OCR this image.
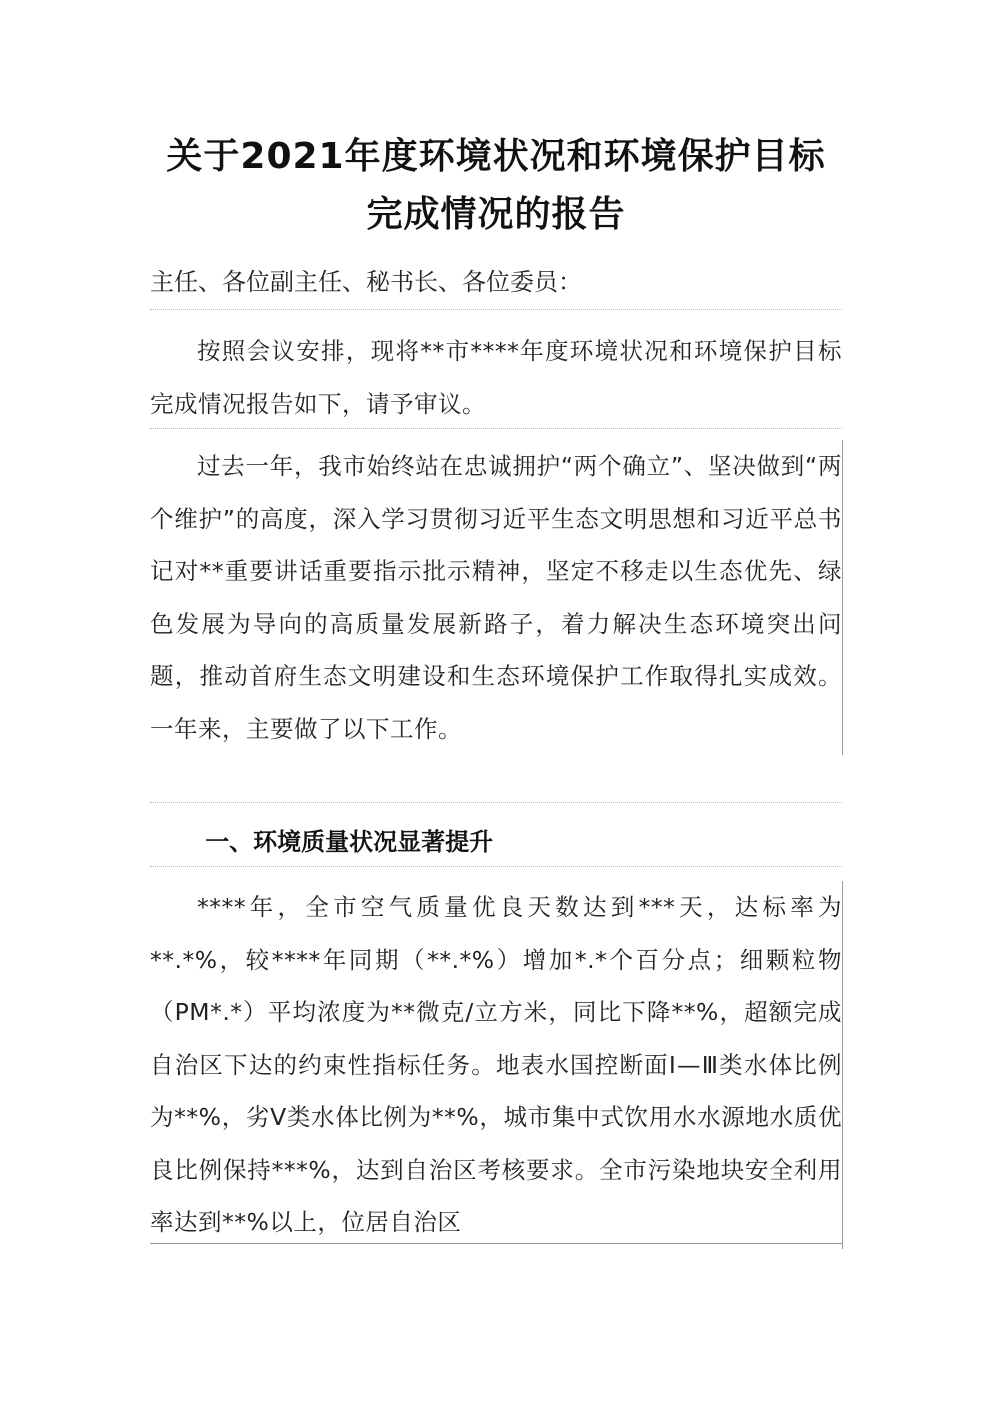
关于2021年度环境状况和环境保护目标完成情况的报告
主任、各位副主任、秘书长、各位委员：
按照会议安排，现将**市****年度环境状况和环境保护目标完成情况报告如下，请予审议。
过去一年，我市始终站在忠诚拥护“两个确立”、坚决做到“两个维护”的高度，深入学习贯彻习近平生态文明思想和习近平总书记对**重要讲话重要指示批示精神，坚定不移走以生态优先、绿色发展为导向的高质量发展新路子，着力解决生态环境突出问题，推动首府生态文明建设和生态环境保护工作取得扎实成效。一年来，主要做了以下工作。
一、环境质量状况显著提升
****年，全市空气质量优良天数达到***天，达标率为**.*%，较****年同期（**.*%）增加*.*个百分点；细颗粒物（PM*.*）平均浓度为**微克/立方米，同比下降**%，超额完成自治区下达的约束性指标任务。地表水国控断面Ⅰ—Ⅲ类水体比例为**%，劣Ⅴ类水体比例为**%，城市集中式饮用水水源地水质优良比例保持***%，达到自治区考核要求。全市污染地块安全利用率达到**%以上，位居自治区
